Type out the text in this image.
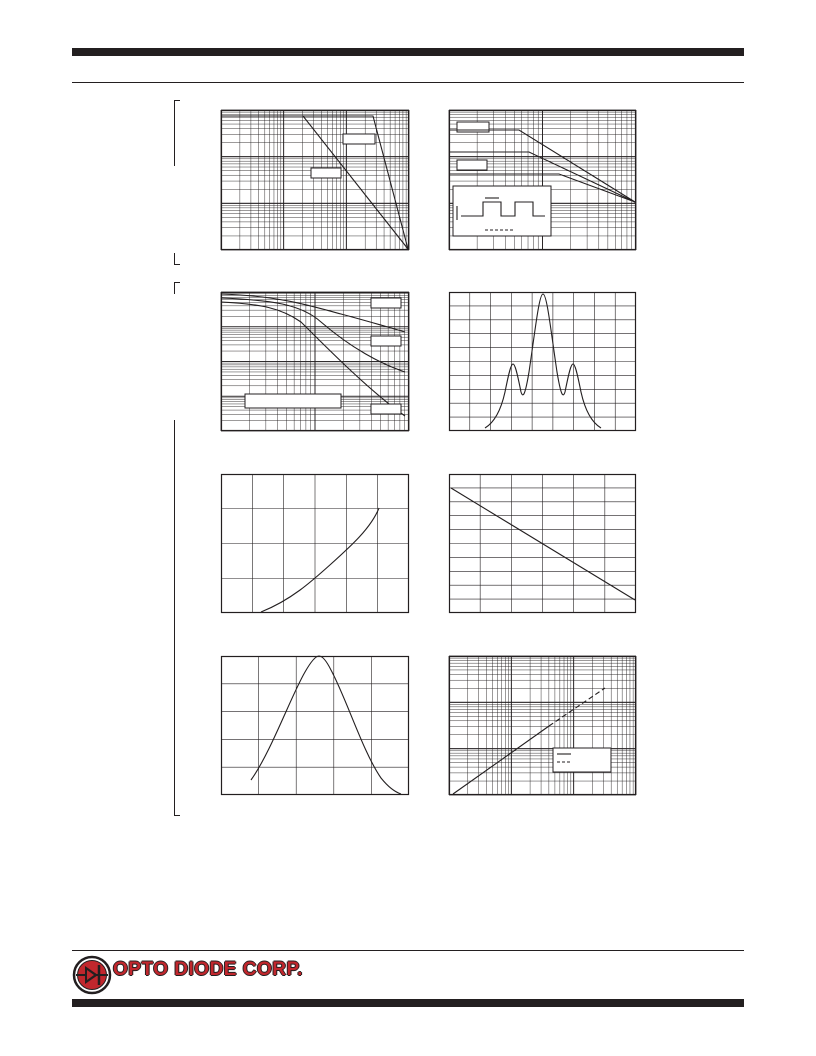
OPTO DIODE CORP.
